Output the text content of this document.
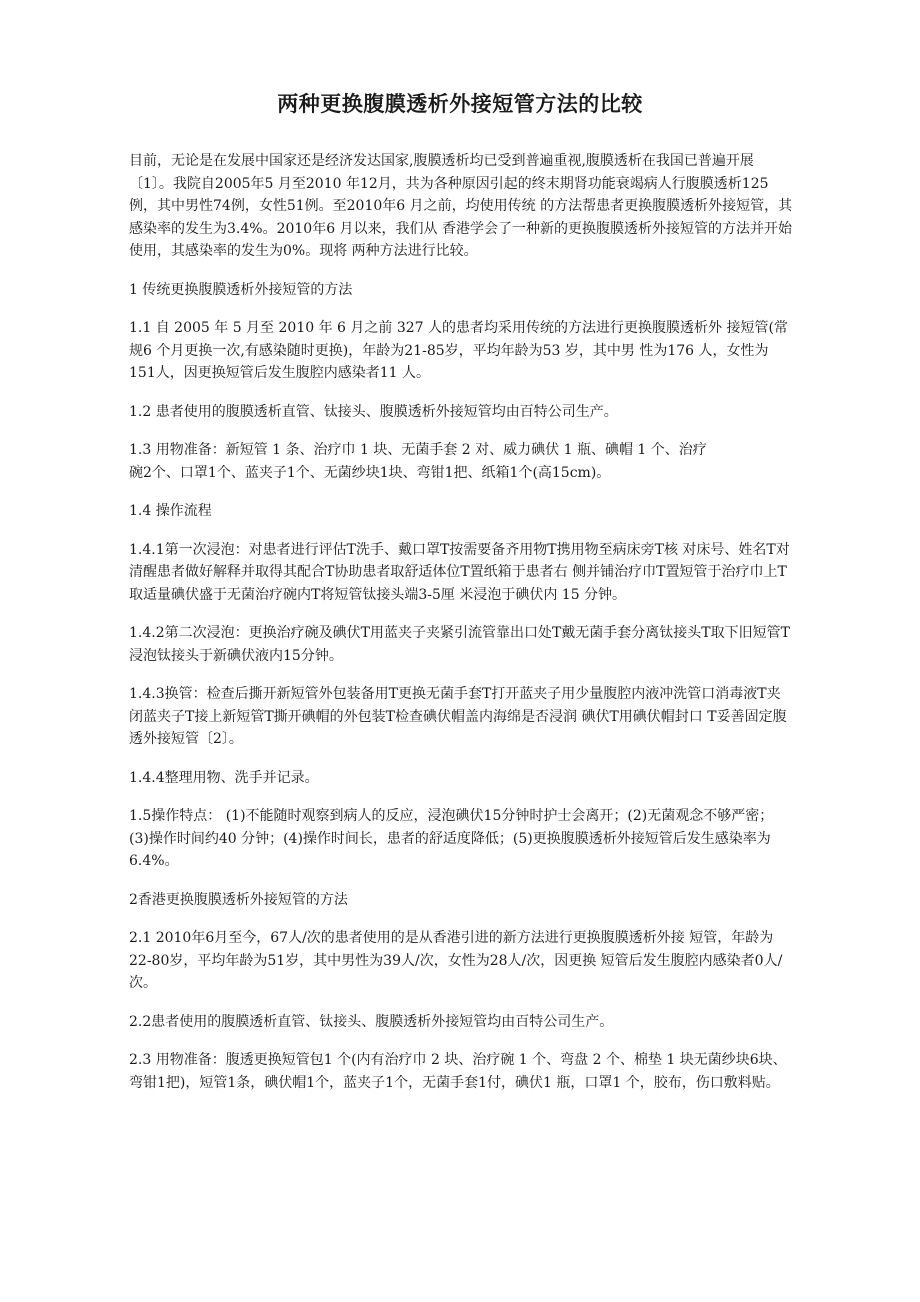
两种更换腹膜透析外接短管方法的比较

目前，无论是在发展中国家还是经济发达国家,腹膜透析均已受到普遍重视,腹膜透析在我国已普遍开展〔1〕。我院自2005年5 月至2010 年12月，共为各种原因引起的终末期肾功能衰竭病人行腹膜透析125例，其中男性74例，女性51例。至2010年6 月之前，均使用传统 的方法帮患者更换腹膜透析外接短管，其感染率的发生为3.4%。2010年6 月以来，我们从 香港学会了一种新的更换腹膜透析外接短管的方法并开始使用，其感染率的发生为0%。现将 两种方法进行比较。

1 传统更换腹膜透析外接短管的方法

1.1 自 2005 年 5 月至 2010 年 6 月之前 327 人的患者均采用传统的方法进行更换腹膜透析外 接短管(常规6 个月更换一次,有感染随时更换)，年龄为21-85岁，平均年龄为53 岁，其中男 性为176 人，女性为151人，因更换短管后发生腹腔内感染者11 人。

1.2 患者使用的腹膜透析直管、钛接头、腹膜透析外接短管均由百特公司生产。

1.3 用物准备：新短管 1 条、治疗巾 1 块、无菌手套 2 对、威力碘伏 1 瓶、碘帽 1 个、治疗

碗2个、口罩1个、蓝夹子1个、无菌纱块1块、弯钳1把、纸箱1个(高15cm)。

1.4 操作流程

1.4.1第一次浸泡：对患者进行评估T洗手、戴口罩T按需要备齐用物T携用物至病床旁T核 对床号、姓名T对清醒患者做好解释并取得其配合T协助患者取舒适体位T置纸箱于患者右 侧并铺治疗巾T置短管于治疗巾上T取适量碘伏盛于无菌治疗碗内T将短管钛接头端3-5厘 米浸泡于碘伏内 15 分钟。

1.4.2第二次浸泡：更换治疗碗及碘伏T用蓝夹子夹紧引流管靠出口处T戴无菌手套分离钛接头T取下旧短管T浸泡钛接头于新碘伏液内15分钟。

1.4.3换管：检查后撕开新短管外包装备用T更换无菌手套T打开蓝夹子用少量腹腔内液冲洗管口消毒液T夹闭蓝夹子T接上新短管T撕开碘帽的外包装T检查碘伏帽盖内海绵是否浸润 碘伏T用碘伏帽封口 T妥善固定腹透外接短管〔2〕。

1.4.4整理用物、洗手并记录。

1.5操作特点： (1)不能随时观察到病人的反应，浸泡碘伏15分钟时护士会离开；(2)无菌观念不够严密；(3)操作时间约40 分钟；(4)操作时间长，患者的舒适度降低；(5)更换腹膜透析外接短管后发生感染率为6.4%。

2香港更换腹膜透析外接短管的方法

2.1 2010年6月至今，67人/次的患者使用的是从香港引进的新方法进行更换腹膜透析外接 短管，年龄为22-80岁，平均年龄为51岁，其中男性为39人/次，女性为28人/次，因更换 短管后发生腹腔内感染者0人/次。

2.2患者使用的腹膜透析直管、钛接头、腹膜透析外接短管均由百特公司生产。

2.3 用物准备：腹透更换短管包1 个(内有治疗巾 2 块、治疗碗 1 个、弯盘 2 个、棉垫 1 块无菌纱块6块、弯钳1把)，短管1条，碘伏帽1个，蓝夹子1个，无菌手套1付，碘伏1 瓶，口罩1 个，胶布，伤口敷料贴。
